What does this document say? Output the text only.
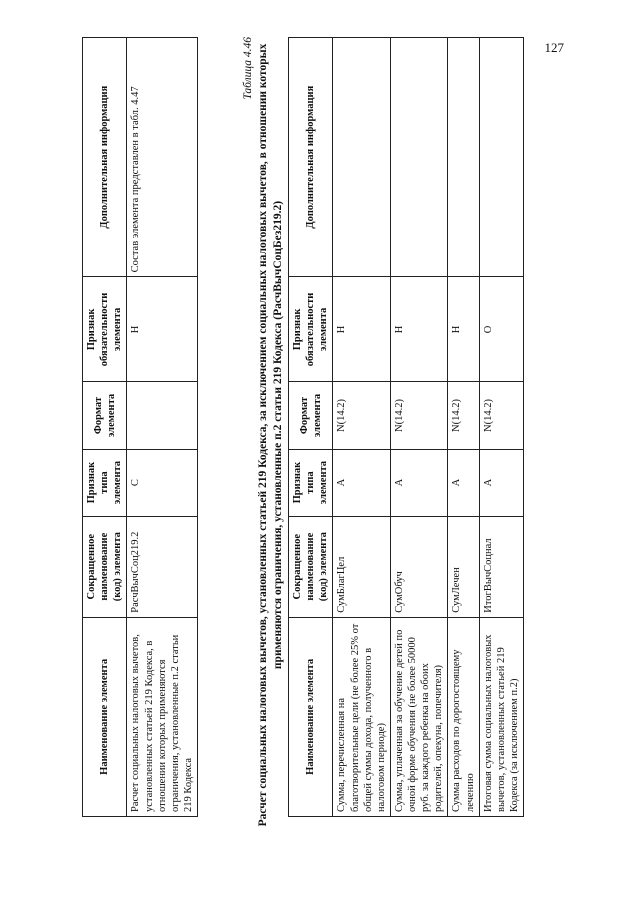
127
Наименование элемента	Сокращенное наименование (код) элемента	Признак типа элемента	Формат элемента	Признак обязательности элемента	Дополнительная информация
Расчет социальных налоговых вычетов, установленных статьей 219 Кодекса, в отношении которых применяются ограничения, установленные п.2 статьи 219 Кодекса	РасчВычСоц219.2	С		Н	Состав элемента представлен в табл. 4.47
Таблица 4.46 Расчет социальных налоговых вычетов, установленных статьей 219 Кодекса, за исключением социальных налоговых вычетов, в отношении которых применяются ограничения, установленные п.2 статьи 219 Кодекса (РасчВычСоцБез219.2)
Наименование элемента	Сокращенное наименование (код) элемента	Признак типа элемента	Формат элемента	Признак обязательности элемента	Дополнительная информация
Сумма, перечисленная на благотворительные цели (не более 25% от общей суммы дохода, полученного в налоговом периоде)	СумБлагЦел	А	N(14.2)	Н	
Сумма, уплаченная за обучение детей по очной форме обучения (не более 50000 руб. за каждого ребенка на обоих родителей, опекуна, попечителя)	СумОбуч	А	N(14.2)	Н	
Сумма расходов по дорогостоящему лечению	СумЛечен	А	N(14.2)	Н	
Итоговая сумма социальных налоговых вычетов, установленных статьей 219 Кодекса (за исключением п.2)	ИтогВычСоцнал	А	N(14.2)	О	
